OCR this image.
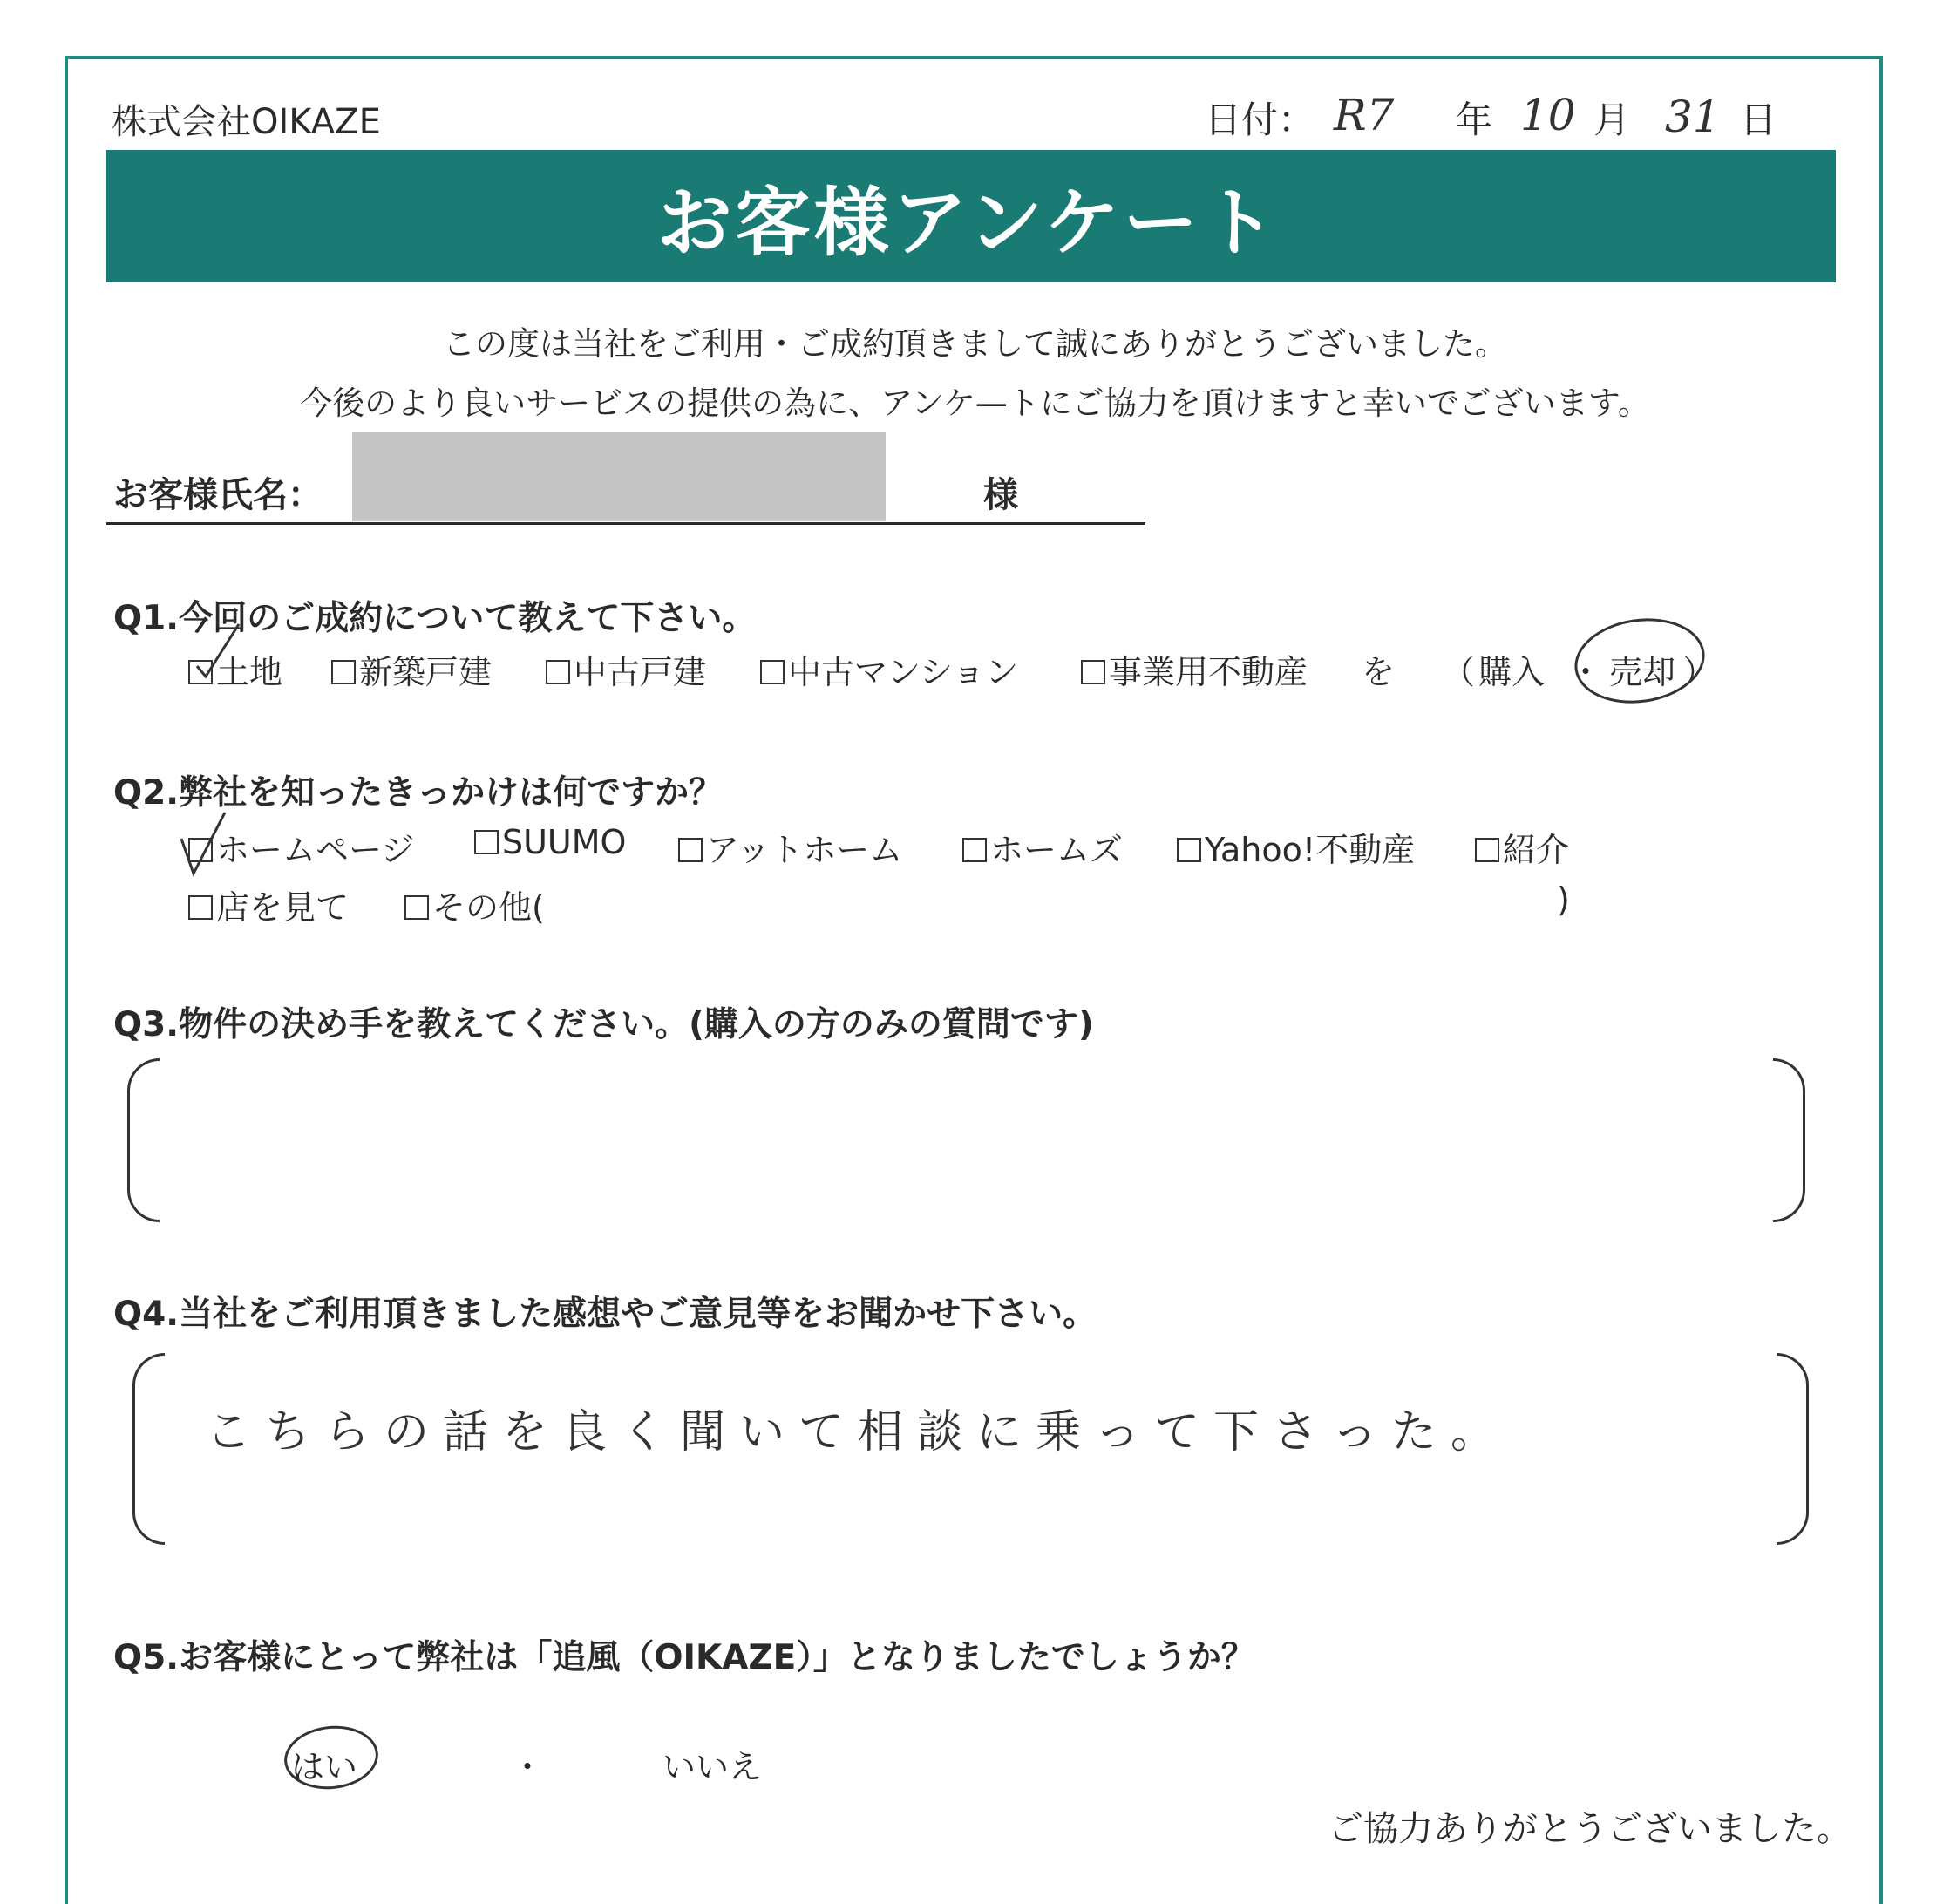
株式会社OIKAZE	日付： R7 年 10 月 31 日
お客様アンケート
この度は当社をご利用・ご成約頂きまして誠にありがとうございました。
今後のより良いサービスの提供の為に、アンケ—トにご協力を頂けますと幸いでございます。
お客様氏名：	様
Q1.今回のご成約について教えて下さい。
土地	新築戸建	中古戸建	中古マンション	事業用不動産 を （ 購入 ・ 売却 ）
Q2.弊社を知ったきっかけは何ですか？
ホームページ	SUUMO	アットホーム	ホームズ	Yahoo!不動産	紹介
店を見て	その他(	)
Q3.物件の決め手を教えてください。(購入の方のみの質問です)
Q4.当社をご利用頂きました感想やご意見等をお聞かせ下さい。
こちらの話を良く聞いて相談に乗って下さった。
Q5.お客様にとって弊社は「追風（OIKAZE）」となりましたでしょうか？
はい	・	いいえ
ご協力ありがとうございました。
